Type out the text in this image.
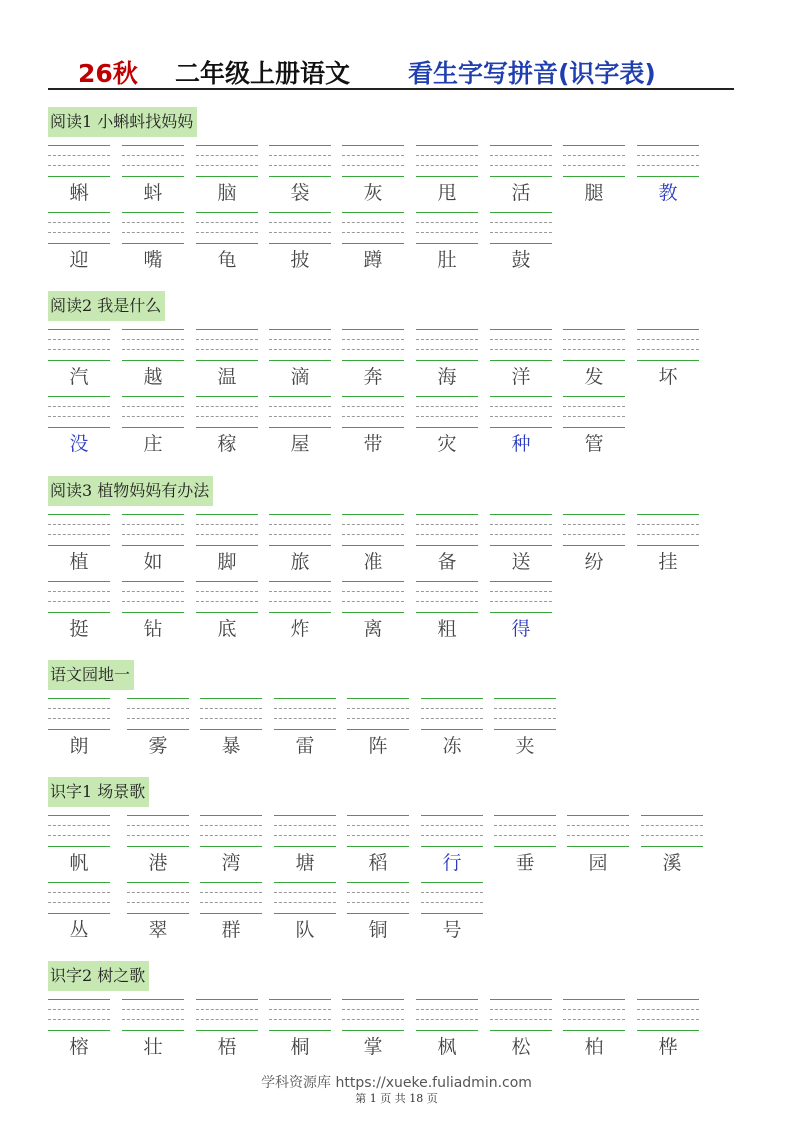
26秋 二年级上册语文 看生字写拼音(识字表)
阅读1 小蝌蚪找妈妈
蝌	蚪	脑	袋	灰	甩	活	腿	教
迎	嘴	龟	披	蹲	肚	鼓
阅读2 我是什么
汽	越	温	滴	奔	海	洋	发	坏
没	庄	稼	屋	带	灾	种	管
阅读3 植物妈妈有办法
植	如	脚	旅	准	备	送	纷	挂
挺	钻	底	炸	离	粗	得
语文园地一
朗	雾	暴	雷	阵	冻	夹
识字1 场景歌
帆	港	湾	塘	稻	行	垂	园	溪
丛	翠	群	队	铜	号
识字2 树之歌
榕	壮	梧	桐	掌	枫	松	柏	桦
学科资源库 https://xueke.fuliadmin.com
第 1 页 共 18 页
